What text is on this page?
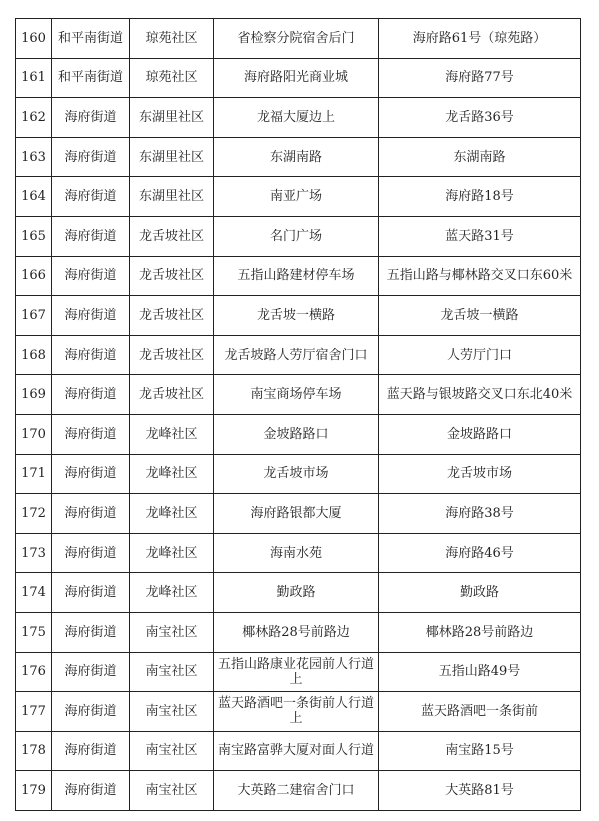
160	和平南街道	琼苑社区	省检察分院宿舍后门	海府路61号（琼苑路）
161	和平南街道	琼苑社区	海府路阳光商业城	海府路77号
162	海府街道	东湖里社区	龙福大厦边上	龙舌路36号
163	海府街道	东湖里社区	东湖南路	东湖南路
164	海府街道	东湖里社区	南亚广场	海府路18号
165	海府街道	龙舌坡社区	名门广场	蓝天路31号
166	海府街道	龙舌坡社区	五指山路建材停车场	五指山路与椰林路交叉口东60米
167	海府街道	龙舌坡社区	龙舌坡一横路	龙舌坡一横路
168	海府街道	龙舌坡社区	龙舌坡路人劳厅宿舍门口	人劳厅门口
169	海府街道	龙舌坡社区	南宝商场停车场	蓝天路与银坡路交叉口东北40米
170	海府街道	龙峰社区	金坡路路口	金坡路路口
171	海府街道	龙峰社区	龙舌坡市场	龙舌坡市场
172	海府街道	龙峰社区	海府路银都大厦	海府路38号
173	海府街道	龙峰社区	海南水苑	海府路46号
174	海府街道	龙峰社区	勤政路	勤政路
175	海府街道	南宝社区	椰林路28号前路边	椰林路28号前路边
176	海府街道	南宝社区	五指山路康业花园前人行道上	五指山路49号
177	海府街道	南宝社区	蓝天路酒吧一条街前人行道上	蓝天路酒吧一条街前
178	海府街道	南宝社区	南宝路富骅大厦对面人行道	南宝路15号
179	海府街道	南宝社区	大英路二建宿舍门口	大英路81号
